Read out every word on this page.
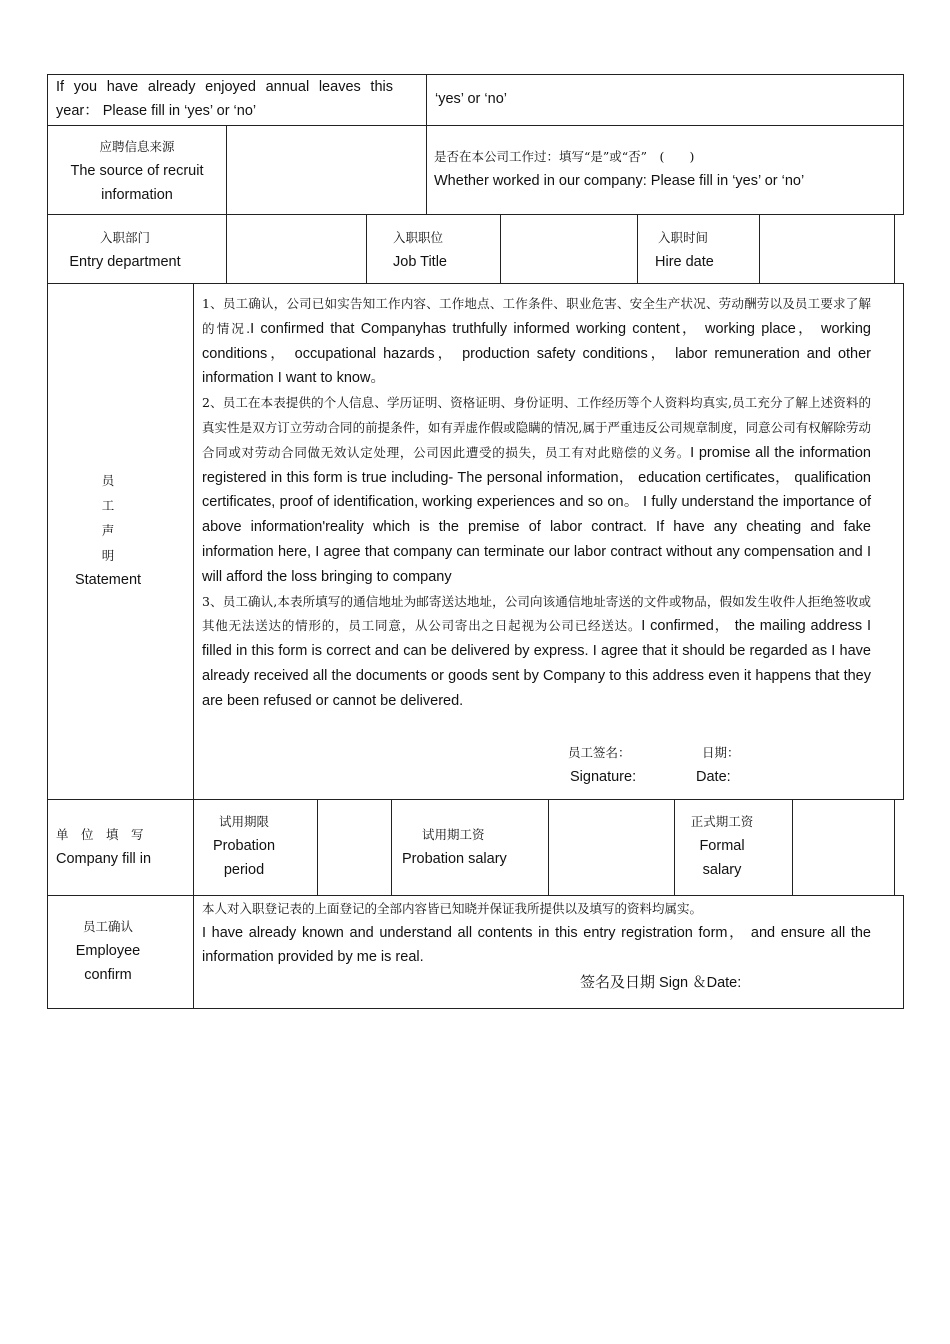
If you have already enjoyed annual leaves this year： Please fill in ‘yes’ or ‘no’
‘yes’ or ‘no’
应聘信息来源
The source of recruit information
是否在本公司工作过：填写“是”或“否”　(　　)
Whether worked in our company: Please fill in ‘yes’ or ‘no’
入职部门
Entry department
入职职位
Job Title
入职时间
Hire date
员
工
声
明
Statement

1、员工确认，公司已如实告知工作内容、工作地点、工作条件、职业危害、安全生产状况、劳动酬劳以及员工要求了解的情况.I confirmed that Companyhas truthfully informed working content， working place， working conditions， occupational hazards， production safety conditions， labor remuneration and other information I want to know。

2、员工在本表提供的个人信息、学历证明、资格证明、身份证明、工作经历等个人资料均真实,员工充分了解上述资料的真实性是双方订立劳动合同的前提条件，如有弄虚作假或隐瞒的情况,属于严重违反公司规章制度，同意公司有权解除劳动合同或对劳动合同做无效认定处理，公司因此遭受的损失，员工有对此赔偿的义务。I promise all the information registered in this form is true including- The personal information， education certificates， qualification certificates, proof of identification, working experiences and so on。 I fully understand the importance of above information'reality which is the premise of labor contract. If have any cheating and fake information here, I agree that company can terminate our labor contract without any compensation and I will afford the loss bringing to company

3、员工确认,本表所填写的通信地址为邮寄送达地址，公司向该通信地址寄送的文件或物品，假如发生收件人拒绝签收或其他无法送达的情形的，员工同意，从公司寄出之日起视为公司已经送达。I confirmed， the mailing address I filled in this form is correct and can be delivered by express. I agree that it should be regarded as I have already received all the documents or goods sent by Company to this address even it happens that they are been refused or cannot be delivered.

员工签名：	日期：
Signature:	Date:
单　位　填　写
Company fill in
试用期限
Probation period
试用期工资
Probation salary
正式期工资
Formal salary
员工确认
Employee confirm
本人对入职登记表的上面登记的全部内容皆已知晓并保证我所提供以及填写的资料均属实。
I have already known and understand all contents in this entry registration form， and ensure all the information provided by me is real.
签名及日期 Sign ＆Date:
